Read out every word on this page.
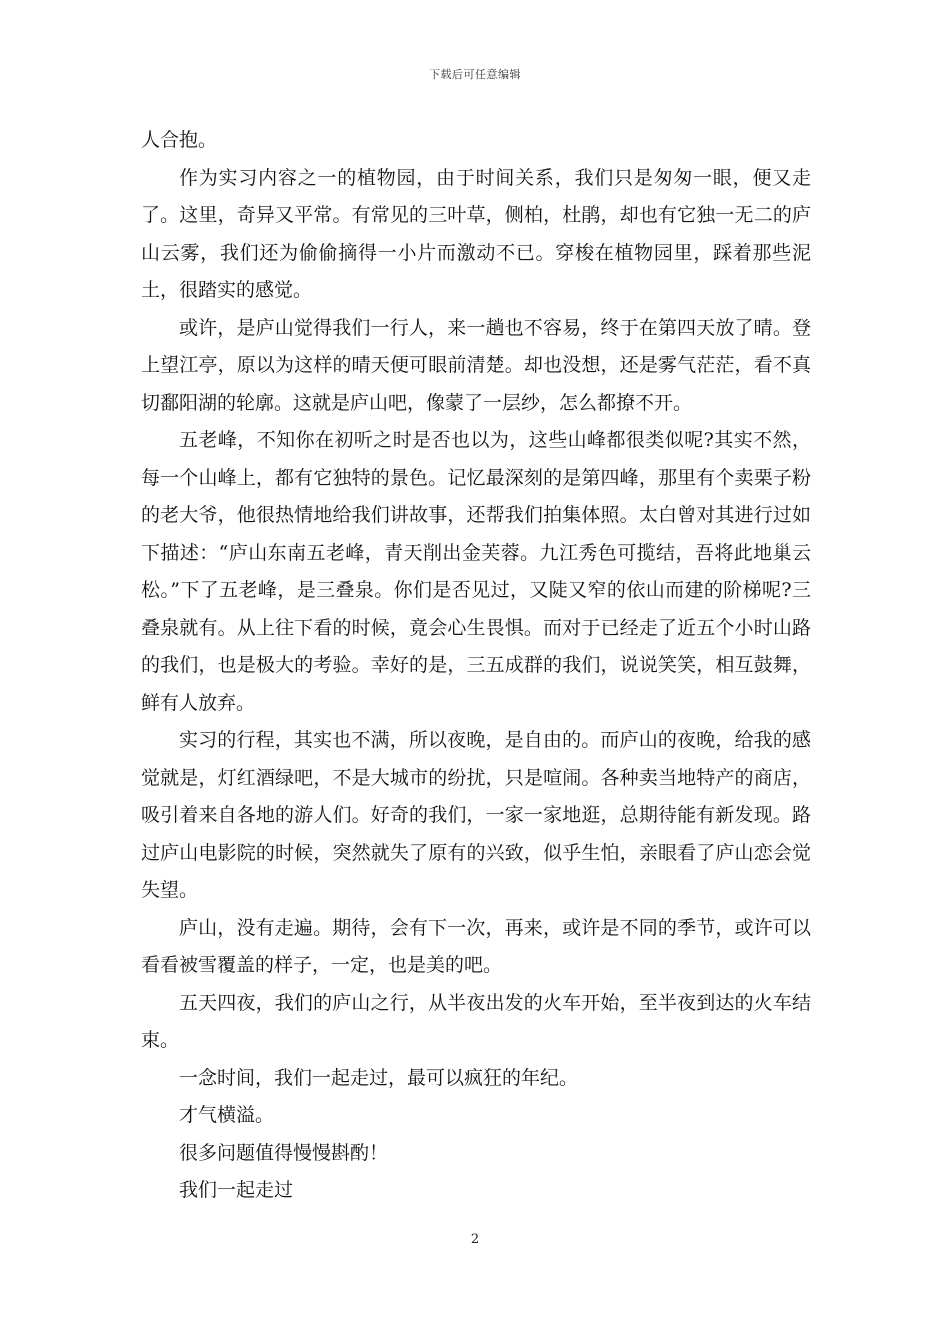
下载后可任意编辑

人合抱。

作为实习内容之一的植物园，由于时间关系，我们只是匆匆一眼，便又走了。这里，奇异又平常。有常见的三叶草，侧柏，杜鹃，却也有它独一无二的庐山云雾，我们还为偷偷摘得一小片而激动不已。穿梭在植物园里，踩着那些泥土，很踏实的感觉。

或许，是庐山觉得我们一行人，来一趟也不容易，终于在第四天放了晴。登上望江亭，原以为这样的晴天便可眼前清楚。却也没想，还是雾气茫茫，看不真切鄱阳湖的轮廓。这就是庐山吧，像蒙了一层纱，怎么都撩不开。

五老峰，不知你在初听之时是否也以为，这些山峰都很类似呢?其实不然，每一个山峰上，都有它独特的景色。记忆最深刻的是第四峰，那里有个卖栗子粉的老大爷，他很热情地给我们讲故事，还帮我们拍集体照。太白曾对其进行过如下描述：“庐山东南五老峰，青天削出金芙蓉。九江秀色可揽结，吾将此地巢云松。”下了五老峰，是三叠泉。你们是否见过，又陡又窄的依山而建的阶梯呢?三叠泉就有。从上往下看的时候，竟会心生畏惧。而对于已经走了近五个小时山路的我们，也是极大的考验。幸好的是，三五成群的我们，说说笑笑，相互鼓舞，鲜有人放弃。

实习的行程，其实也不满，所以夜晚，是自由的。而庐山的夜晚，给我的感觉就是，灯红酒绿吧，不是大城市的纷扰，只是喧闹。各种卖当地特产的商店，吸引着来自各地的游人们。好奇的我们，一家一家地逛，总期待能有新发现。路过庐山电影院的时候，突然就失了原有的兴致，似乎生怕，亲眼看了庐山恋会觉失望。

庐山，没有走遍。期待，会有下一次，再来，或许是不同的季节，或许可以看看被雪覆盖的样子，一定，也是美的吧。

五天四夜，我们的庐山之行，从半夜出发的火车开始，至半夜到达的火车结束。

一念时间，我们一起走过，最可以疯狂的年纪。

才气横溢。

很多问题值得慢慢斟酌！

我们一起走过

2
